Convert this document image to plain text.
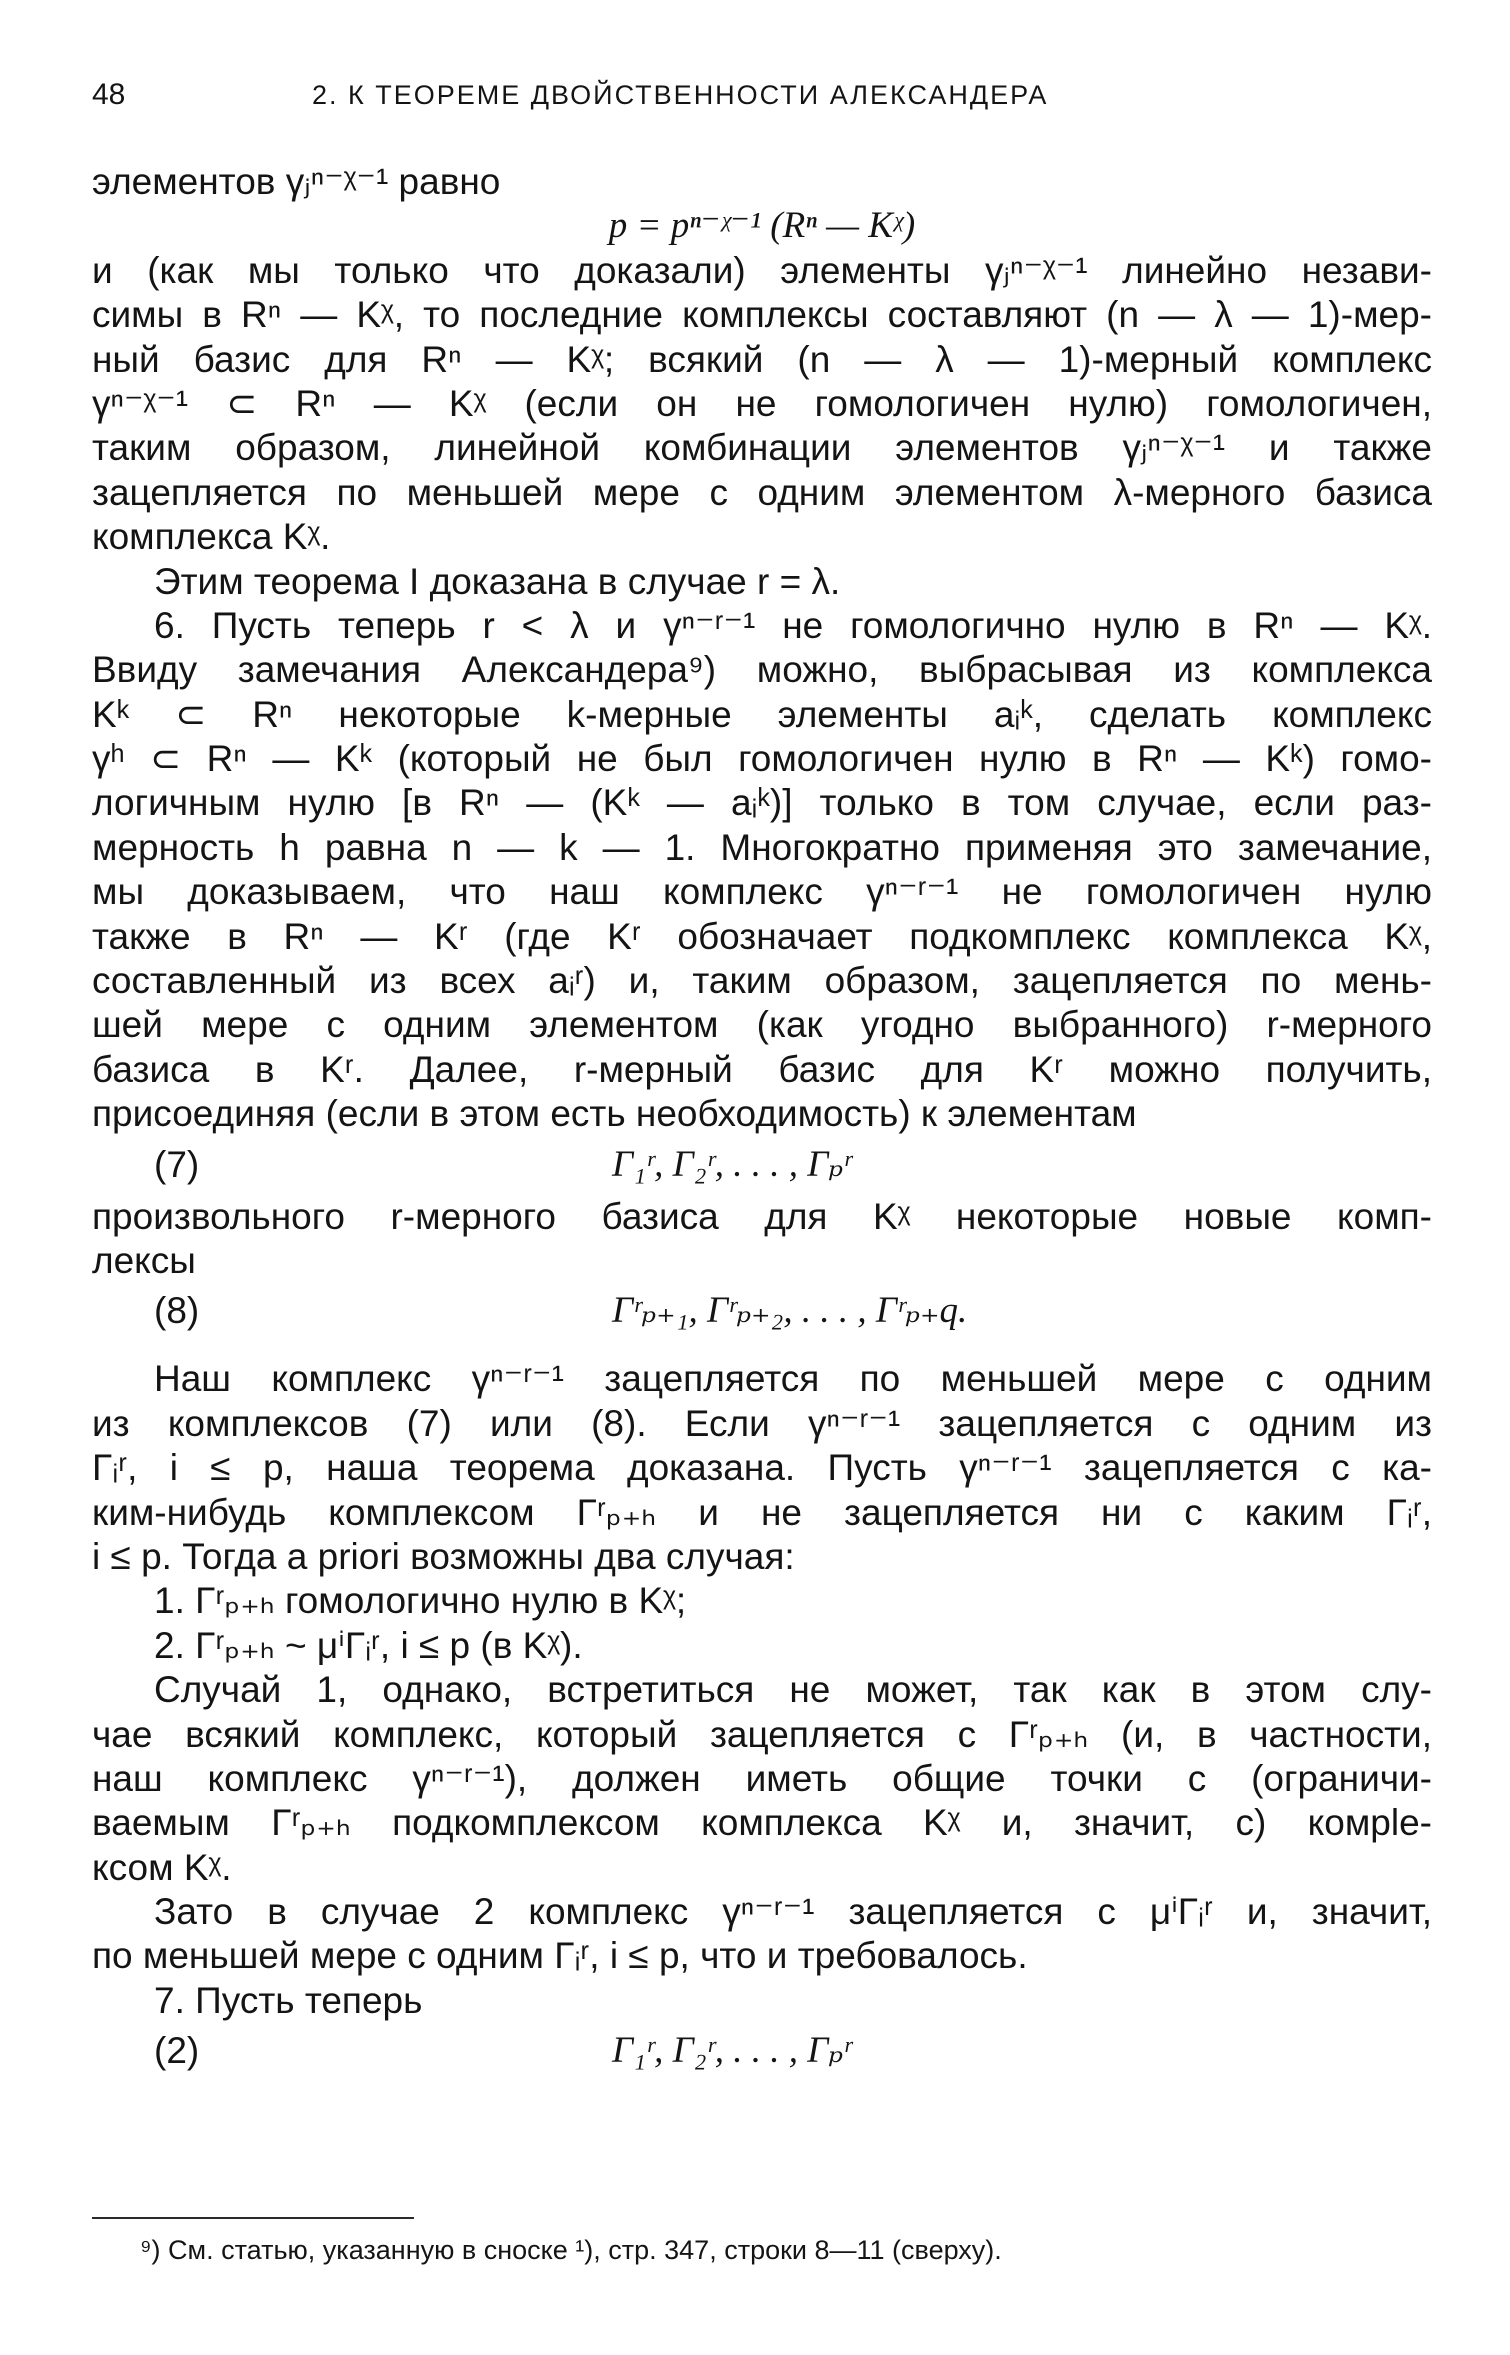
48	2. К ТЕОРЕМЕ ДВОЙСТВЕННОСТИ АЛЕКСАНДЕРА
элементов γⱼⁿ⁻ᵡ⁻¹ равно
p = pⁿ⁻ᵡ⁻¹ (Rⁿ — Kᵡ)
и (как мы только что доказали) элементы γⱼⁿ⁻ᵡ⁻¹ линейно незави-
симы в Rⁿ — Kᵡ, то последние комплексы составляют (n — λ — 1)-мер-
ный базис для Rⁿ — Kᵡ; всякий (n — λ — 1)-мерный комплекс
γⁿ⁻ᵡ⁻¹ ⊂ Rⁿ — Kᵡ (если он не гомологичен нулю) гомологичен,
таким образом, линейной комбинации элементов γⱼⁿ⁻ᵡ⁻¹ и также
зацепляется по меньшей мере с одним элементом λ-мерного базиса
комплекса Kᵡ.
Этим теорема I доказана в случае r = λ.
6. Пусть теперь r < λ и γⁿ⁻ʳ⁻¹ не гомологично нулю в Rⁿ — Kᵡ.
Ввиду замечания Александера⁹) можно, выбрасывая из комплекса
Kᵏ ⊂ Rⁿ некоторые k-мерные элементы aᵢᵏ, сделать комплекс
γʰ ⊂ Rⁿ — Kᵏ (который не был гомологичен нулю в Rⁿ — Kᵏ) гомо-
логичным нулю [в Rⁿ — (Kᵏ — aᵢᵏ)] только в том случае, если раз-
мерность h равна n — k — 1. Многократно применяя это замечание,
мы доказываем, что наш комплекс γⁿ⁻ʳ⁻¹ не гомологичен нулю
также в Rⁿ — Kʳ (где Kʳ обозначает подкомплекс комплекса Kᵡ,
составленный из всех aᵢʳ) и, таким образом, зацепляется по мень-
шей мере с одним элементом (как угодно выбранного) r-мерного
базиса в Kʳ. Далее, r-мерный базис для Kʳ можно получить,
присоединяя (если в этом есть необходимость) к элементам
(7)	Γ₁ʳ, Γ₂ʳ, . . . , Γₚʳ
произвольного r-мерного базиса для Kᵡ некоторые новые комп-
лексы
(8)	Γʳₚ₊₁, Γʳₚ₊₂, . . . , Γʳₚ₊q.
Наш комплекс γⁿ⁻ʳ⁻¹ зацепляется по меньшей мере с одним
из комплексов (7) или (8). Если γⁿ⁻ʳ⁻¹ зацепляется с одним из
Γᵢʳ, i ≤ p, наша теорема доказана. Пусть γⁿ⁻ʳ⁻¹ зацепляется с ка-
ким-нибудь комплексом Γʳₚ₊ₕ и не зацепляется ни с каким Γᵢʳ,
i ≤ p. Тогда a priori возможны два случая:
1. Γʳₚ₊ₕ гомологично нулю в Kᵡ;
2. Γʳₚ₊ₕ ~ μⁱΓᵢʳ, i ≤ p (в Kᵡ).
Случай 1, однако, встретиться не может, так как в этом слу-
чае всякий комплекс, который зацепляется с Γʳₚ₊ₕ (и, в частности,
наш комплекс γⁿ⁻ʳ⁻¹), должен иметь общие точки с (ограничи-
ваемым Γʳₚ₊ₕ подкомплексом комплекса Kᵡ и, значит, с) комple-
ксом Kᵡ.
Зато в случае 2 комплекс γⁿ⁻ʳ⁻¹ зацепляется с μⁱΓᵢʳ и, значит,
по меньшей мере с одним Γᵢʳ, i ≤ p, что и требовалось.
7. Пусть теперь
(2)	Γ₁ʳ, Γ₂ʳ, . . . , Γₚʳ
⁹) См. статью, указанную в сноске ¹), стр. 347, строки 8—11 (сверху).
